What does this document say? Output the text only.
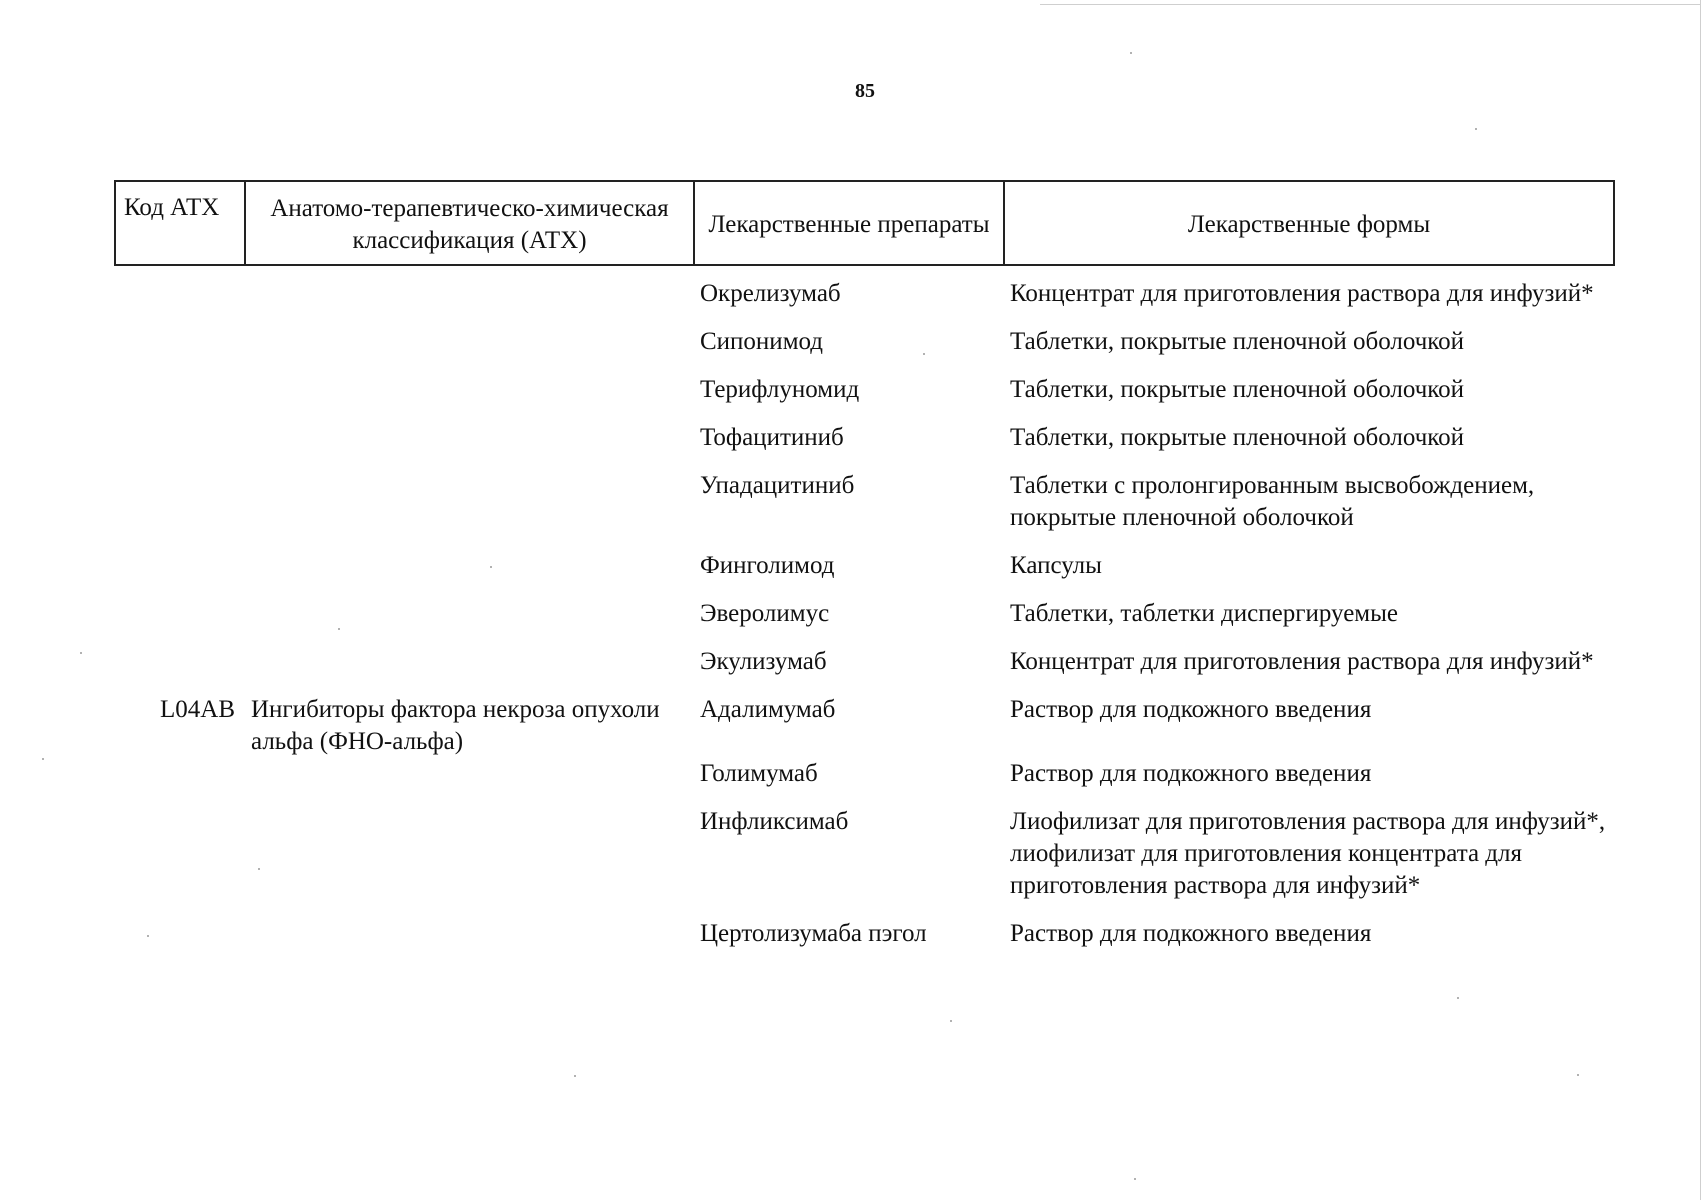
85
Код АТХ	Анатомо-терапевтическо-химическая классификация (АТХ)	Лекарственные препараты	Лекарственные формы

		Окрелизумаб	Концентрат для приготовления раствора для инфузий*
		Сипонимод	Таблетки, покрытые пленочной оболочкой
		Терифлуномид	Таблетки, покрытые пленочной оболочкой
		Тофацитиниб	Таблетки, покрытые пленочной оболочкой
		Упадацитиниб	Таблетки с пролонгированным высвобождением, покрытые пленочной оболочкой
		Финголимод	Капсулы
		Эверолимус	Таблетки, таблетки диспергируемые
		Экулизумаб	Концентрат для приготовления раствора для инфузий*
L04AB	Ингибиторы фактора некроза опухоли альфа (ФНО-альфа)	Адалимумаб	Раствор для подкожного введения
		Голимумаб	Раствор для подкожного введения
		Инфликсимаб	Лиофилизат для приготовления раствора для инфузий*, лиофилизат для приготовления концентрата для приготовления раствора для инфузий*
		Цертолизумаба пэгол	Раствор для подкожного введения
